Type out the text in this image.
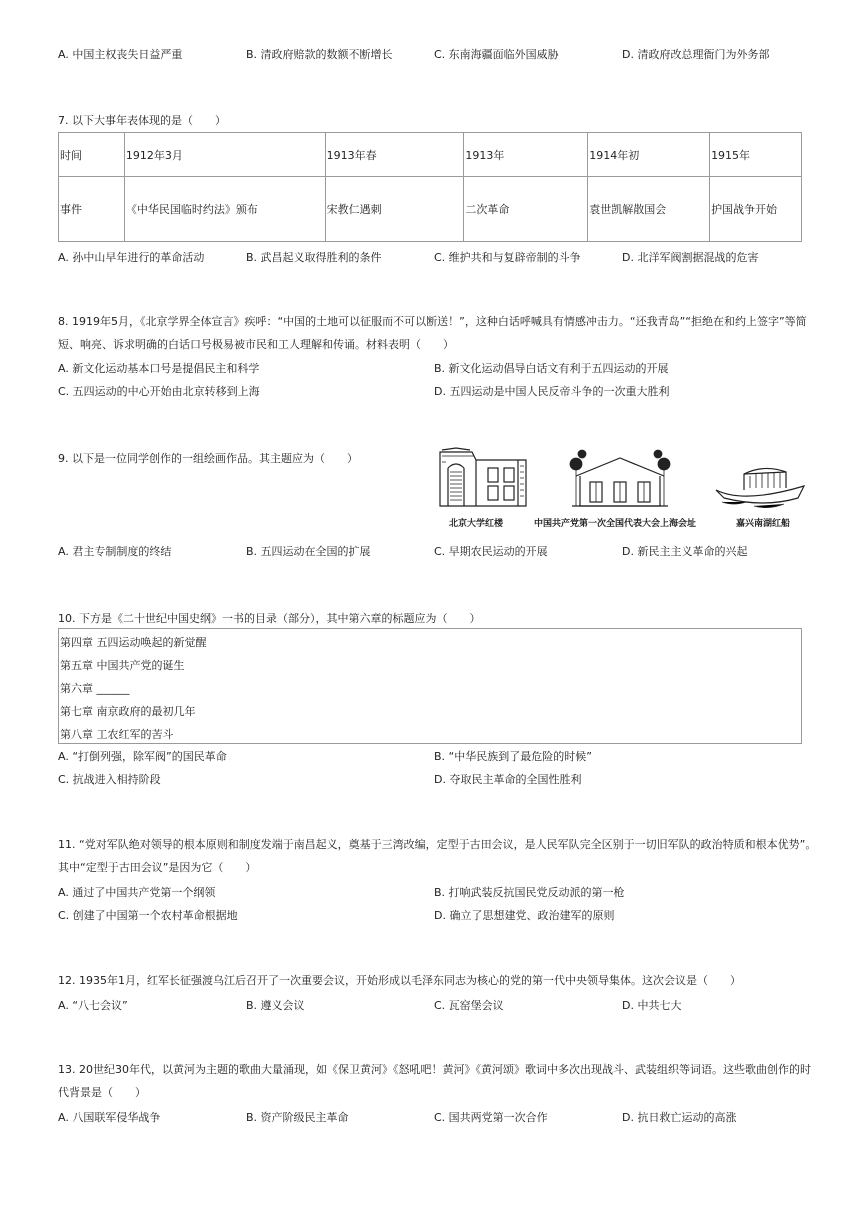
A. 中国主权丧失日益严重	B. 清政府赔款的数额不断增长	C. 东南海疆面临外国威胁	D. 清政府改总理衙门为外务部
7. 以下大事年表体现的是（　　）
时间	1912年3月	1913年春	1913年	1914年初	1915年
事件	《中华民国临时约法》颁布	宋教仁遇刺	二次革命	袁世凯解散国会	护国战争开始
A. 孙中山早年进行的革命活动	B. 武昌起义取得胜利的条件	C. 维护共和与复辟帝制的斗争	D. 北洋军阀割据混战的危害
8. 1919年5月，《北京学界全体宣言》疾呼：“中国的土地可以征服而不可以断送！”，这种白话呼喊具有情感冲击力。“还我青岛”“拒绝在和约上签字”等简短、响亮、诉求明确的白话口号极易被市民和工人理解和传诵。材料表明（　　）
A. 新文化运动基本口号是提倡民主和科学	B. 新文化运动倡导白话文有利于五四运动的开展
C. 五四运动的中心开始由北京转移到上海	D. 五四运动是中国人民反帝斗争的一次重大胜利
9. 以下是一位同学创作的一组绘画作品。其主题应为（　　）
北京大学红楼	中国共产党第一次全国代表大会上海会址	嘉兴南湖红船
A. 君主专制制度的终结	B. 五四运动在全国的扩展	C. 早期农民运动的开展	D. 新民主主义革命的兴起
10. 下方是《二十世纪中国史纲》一书的目录（部分），其中第六章的标题应为（　　）
第四章 五四运动唤起的新觉醒
第五章 中国共产党的诞生
第六章 ______
第七章 南京政府的最初几年
第八章 工农红军的苦斗
A. “打倒列强，除军阀”的国民革命	B. “中华民族到了最危险的时候”
C. 抗战进入相持阶段	D. 夺取民主革命的全国性胜利
11. “党对军队绝对领导的根本原则和制度发端于南昌起义，奠基于三湾改编，定型于古田会议，是人民军队完全区别于一切旧军队的政治特质和根本优势”。其中“定型于古田会议”是因为它（　　）
A. 通过了中国共产党第一个纲领	B. 打响武装反抗国民党反动派的第一枪
C. 创建了中国第一个农村革命根据地	D. 确立了思想建党、政治建军的原则
12. 1935年1月，红军长征强渡乌江后召开了一次重要会议，开始形成以毛泽东同志为核心的党的第一代中央领导集体。这次会议是（　　）
A. “八七会议”	B. 遵义会议	C. 瓦窑堡会议	D. 中共七大
13. 20世纪30年代，以黄河为主题的歌曲大量涌现，如《保卫黄河》《怒吼吧！黄河》《黄河颂》歌词中多次出现战斗、武装组织等词语。这些歌曲创作的时代背景是（　　）
A. 八国联军侵华战争	B. 资产阶级民主革命	C. 国共两党第一次合作	D. 抗日救亡运动的高涨
